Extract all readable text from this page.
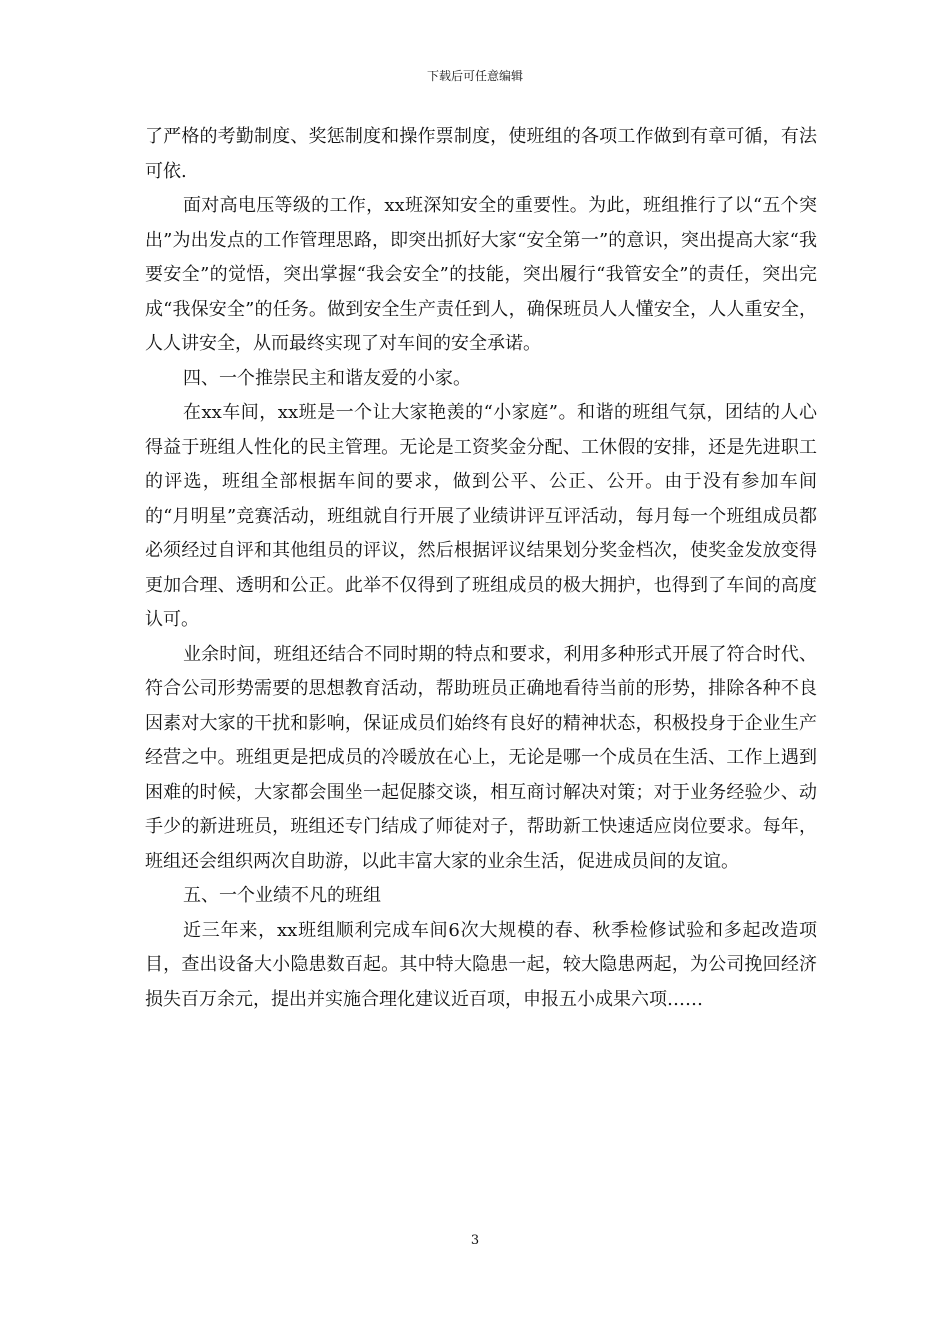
下载后可任意编辑

了严格的考勤制度、奖惩制度和操作票制度，使班组的各项工作做到有章可循，有法可依.

面对高电压等级的工作，xx班深知安全的重要性。为此，班组推行了以“五个突出”为出发点的工作管理思路，即突出抓好大家“安全第一”的意识，突出提高大家“我要安全”的觉悟，突出掌握“我会安全”的技能，突出履行“我管安全”的责任，突出完成“我保安全”的任务。做到安全生产责任到人，确保班员人人懂安全，人人重安全，人人讲安全，从而最终实现了对车间的安全承诺。

四、一个推崇民主和谐友爱的小家。

在xx车间，xx班是一个让大家艳羡的“小家庭”。和谐的班组气氛，团结的人心得益于班组人性化的民主管理。无论是工资奖金分配、工休假的安排，还是先进职工的评选，班组全部根据车间的要求，做到公平、公正、公开。由于没有参加车间的“月明星”竞赛活动，班组就自行开展了业绩讲评互评活动，每月每一个班组成员都必须经过自评和其他组员的评议，然后根据评议结果划分奖金档次，使奖金发放变得更加合理、透明和公正。此举不仅得到了班组成员的极大拥护，也得到了车间的高度认可。

业余时间，班组还结合不同时期的特点和要求，利用多种形式开展了符合时代、符合公司形势需要的思想教育活动，帮助班员正确地看待当前的形势，排除各种不良因素对大家的干扰和影响，保证成员们始终有良好的精神状态，积极投身于企业生产经营之中。班组更是把成员的冷暖放在心上，无论是哪一个成员在生活、工作上遇到困难的时候，大家都会围坐一起促膝交谈，相互商讨解决对策；对于业务经验少、动手少的新进班员，班组还专门结成了师徒对子，帮助新工快速适应岗位要求。每年，班组还会组织两次自助游，以此丰富大家的业余生活，促进成员间的友谊。

五、一个业绩不凡的班组

近三年来，xx班组顺利完成车间6次大规模的春、秋季检修试验和多起改造项目，查出设备大小隐患数百起。其中特大隐患一起，较大隐患两起，为公司挽回经济损失百万余元，提出并实施合理化建议近百项，申报五小成果六项……

3
